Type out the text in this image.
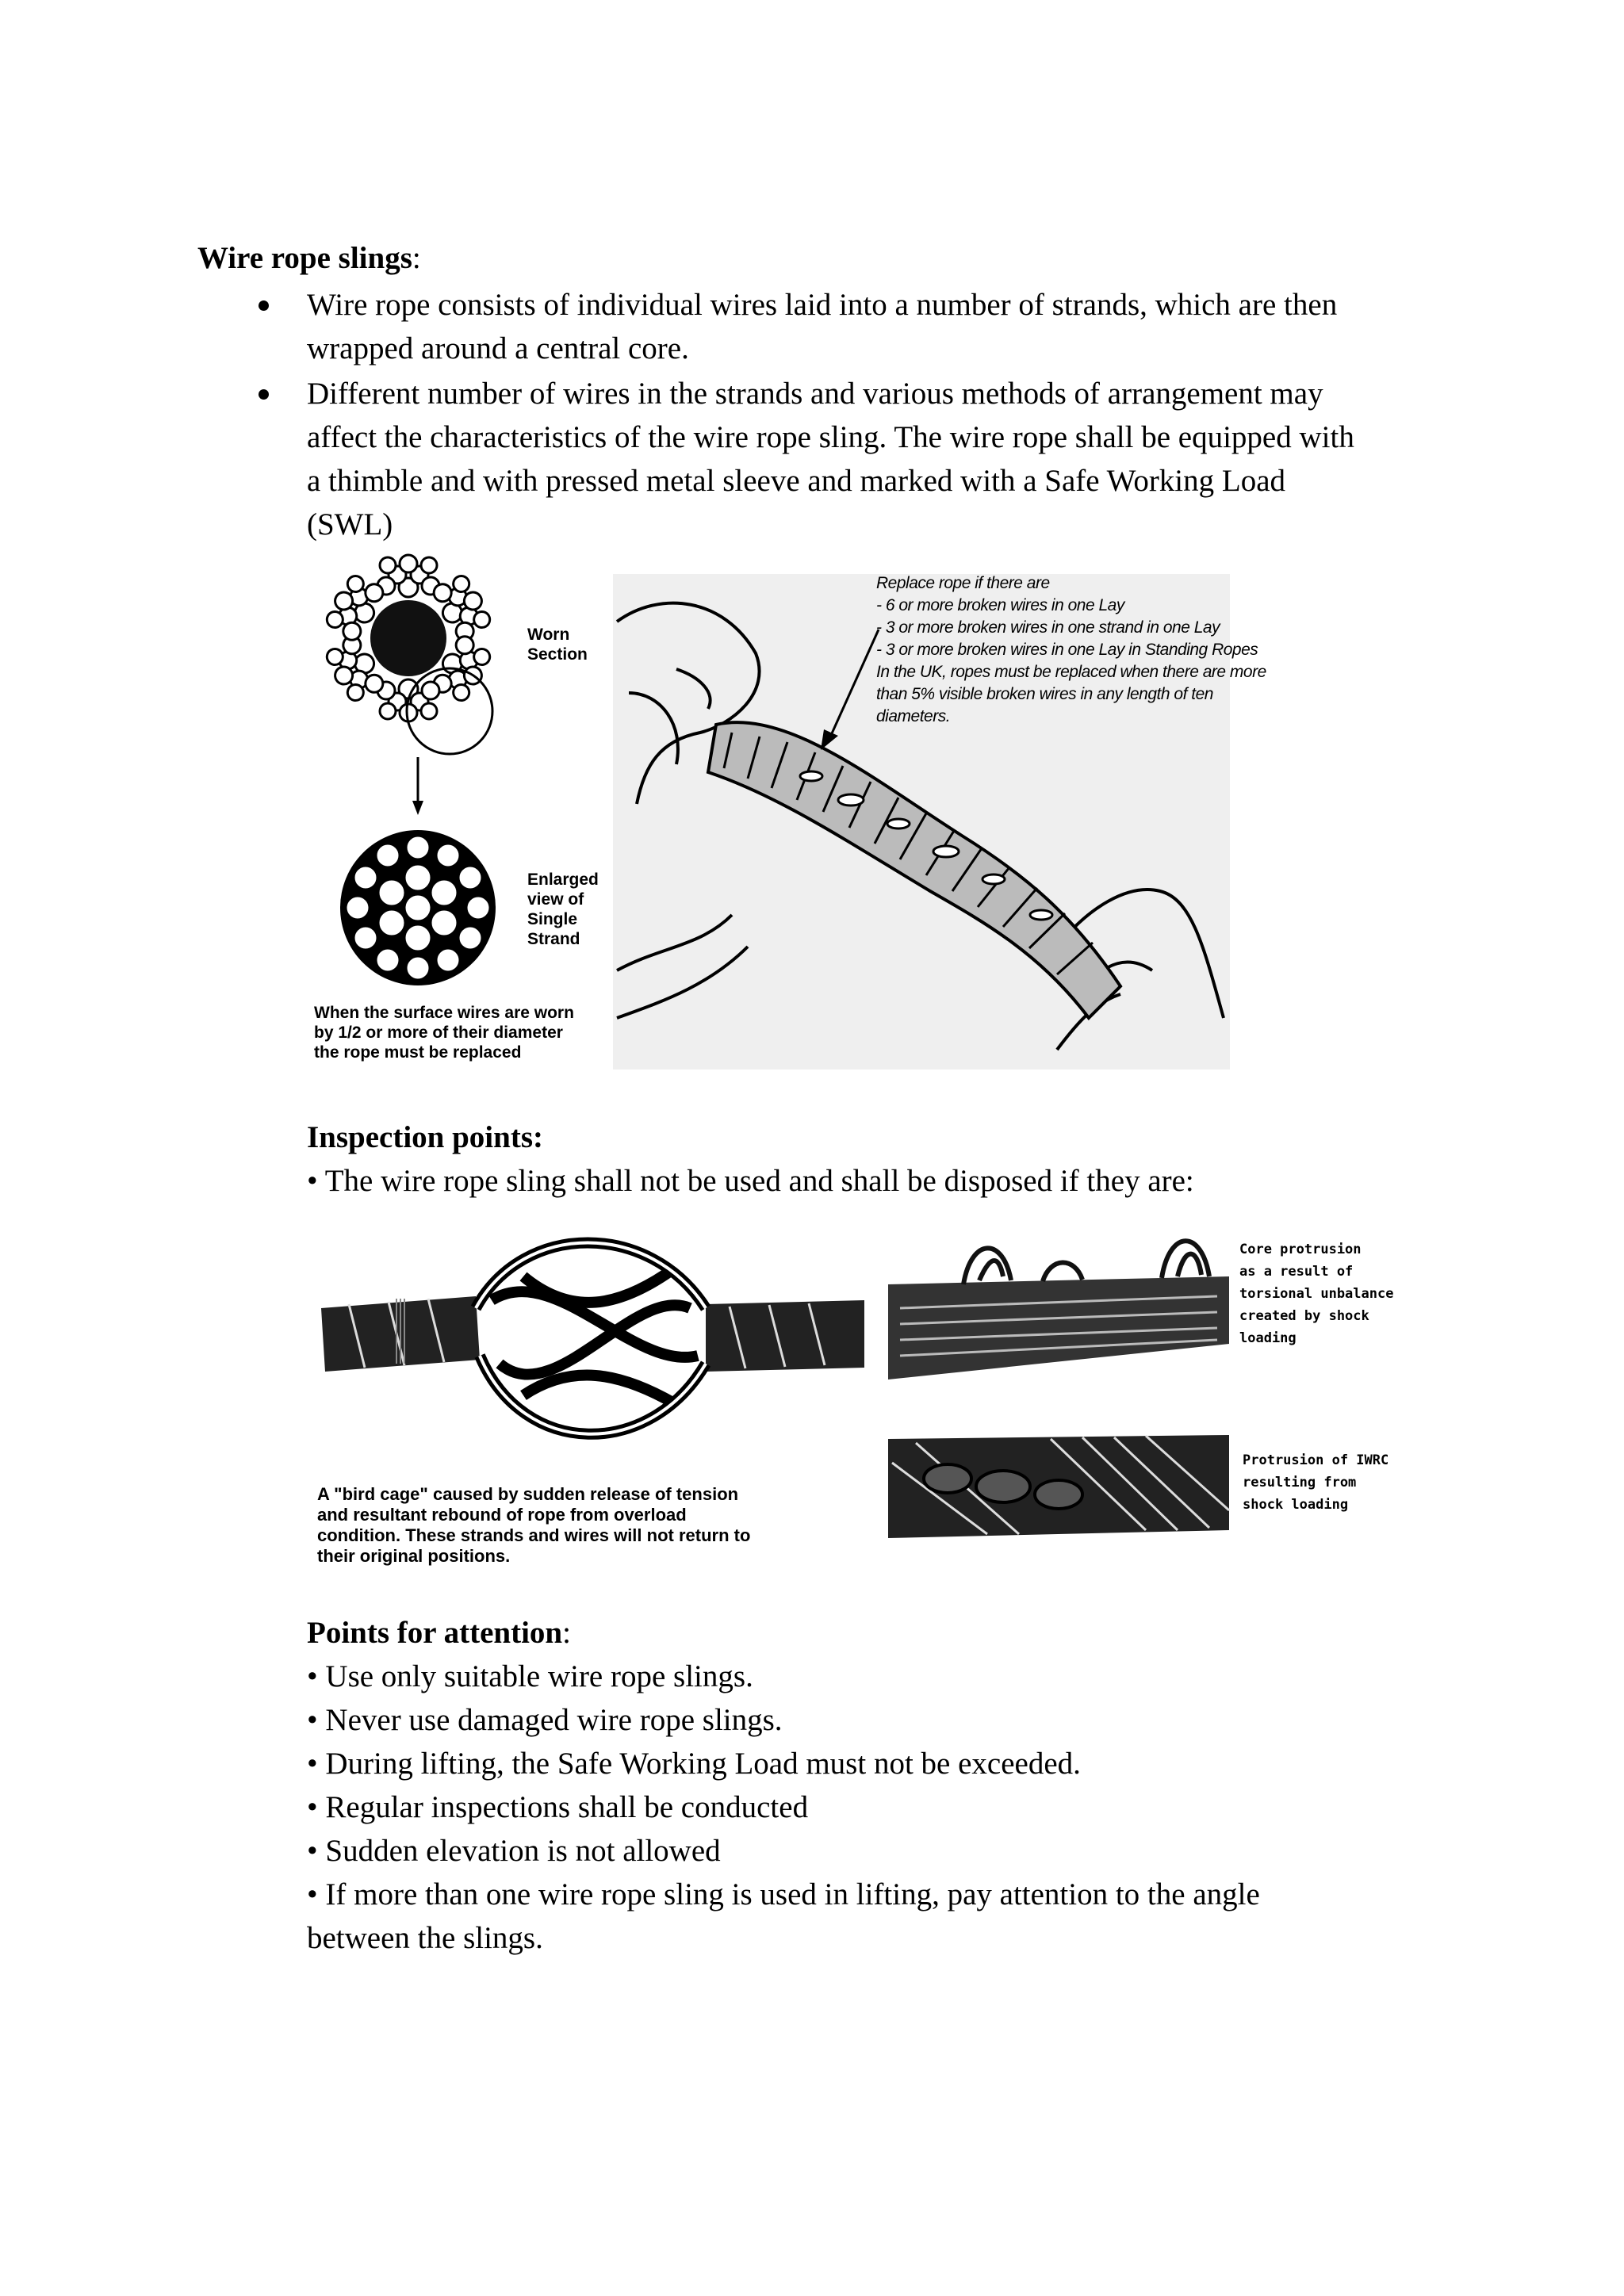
Wire rope slings:
Wire rope consists of individual wires laid into a number of strands, which are then
wrapped around a central core.
Different number of wires in the strands and various methods of arrangement may
affect the characteristics of the wire rope sling. The wire rope shall be equipped with
a thimble and with pressed metal sleeve and marked with a Safe Working Load
(SWL)
Worn
Section
Enlarged
view of
Single
Strand
When the surface wires are worn
by 1/2 or more of their diameter
the rope must be replaced
Replace rope if there are
- 6 or more broken wires in one Lay
- 3 or more broken wires in one strand in one Lay
- 3 or more broken wires in one Lay in Standing Ropes
In the UK, ropes must be replaced when there are more
than 5% visible broken wires in any length of ten
diameters.
Inspection points:
• The wire rope sling shall not be used and shall be disposed if they are:
A "bird cage" caused by sudden release of tension
and resultant rebound of rope from overload
condition. These strands and wires will not return to
their original positions.
Core protrusion
as a result of
torsional unbalance
created by shock
loading
Protrusion of IWRC
resulting from
shock loading
Points for attention:
• Use only suitable wire rope slings.
• Never use damaged wire rope slings.
• During lifting, the Safe Working Load must not be exceeded.
• Regular inspections shall be conducted
• Sudden elevation is not allowed
• If more than one wire rope sling is used in lifting, pay attention to the angle
between the slings.
